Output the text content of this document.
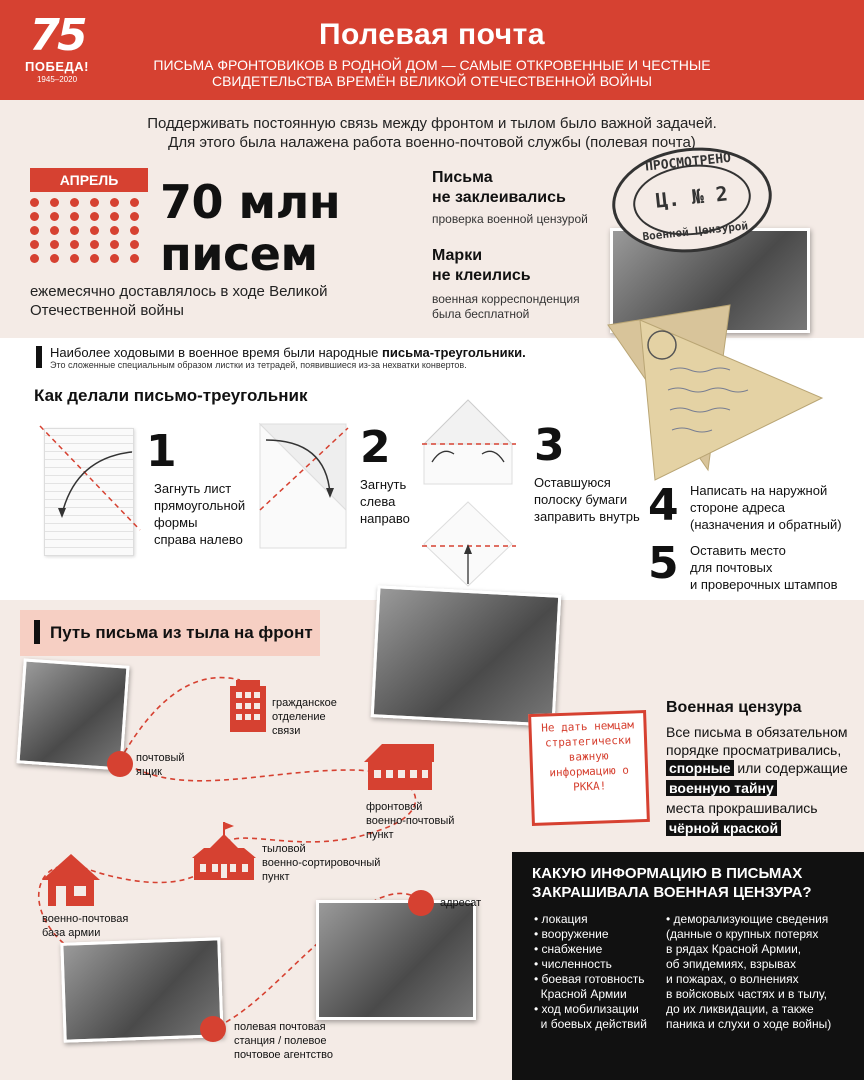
75
ПОБЕДА!
1945–2020
Полевая почта
ПИСЬМА ФРОНТОВИКОВ В РОДНОЙ ДОМ — САМЫЕ ОТКРОВЕННЫЕ И ЧЕСТНЫЕ СВИДЕТЕЛЬСТВА ВРЕМЁН ВЕЛИКОЙ ОТЕЧЕСТВЕННОЙ ВОЙНЫ
Поддерживать постоянную связь между фронтом и тылом было важной задачей.
Для этого была налажена работа военно-почтовой службы (полевая почта)
АПРЕЛЬ 70 млн
писем
ежемесячно доставлялось в ходе Великой Отечественной войны
Письма
не заклеивались
проверка военной цензурой
Марки
не клеились
военная корреспонденция
была бесплатной
ПРОСМОТРЕНО
Ц. № 2
Военной Цензурой
Наиболее ходовыми в военное время были народные письма-треугольники.
Это сложенные специальным образом листки из тетрадей, появившиеся из-за нехватки конвертов.
Как делали письмо-треугольник
1
Загнуть лист
прямоугольной
формы
справа налево
2
Загнуть
слева
направо
3
Оставшуюся
полоску бумаги
заправить внутрь 4 Написать на наружной
стороне адреса
(назначения и обратный)
5 Оставить место
для почтовых
и проверочных штампов
Путь письма из тыла на фронт
почтовый
ящик
гражданское
отделение
связи
фронтовой
военно-почтовый
пункт
тыловой
военно-сортировочный
пункт
военно-почтовая
база армии
адресат
полевая почтовая
станция / полевое
почтовое агентство
Не дать немцам стратегически важную информацию о РККА!
Военная цензура
Все письма в обязательном
порядке просматривались,
спорные или содержащие
военную тайну
места прокрашивались
чёрной краской
КАКУЮ ИНФОРМАЦИЮ В ПИСЬМАХ ЗАКРАШИВАЛА ВОЕННАЯ ЦЕНЗУРА?
• локация
• вооружение
• снабжение
• численность
• боевая готовность
Красной Армии
• ход мобилизации
и боевых действий
• деморализующие сведения
(данные о крупных потерях
в рядах Красной Армии,
об эпидемиях, взрывах
и пожарах, о волнениях
в войсковых частях и в тылу,
до их ликвидации, а также
паника и слухи о ходе войны)
